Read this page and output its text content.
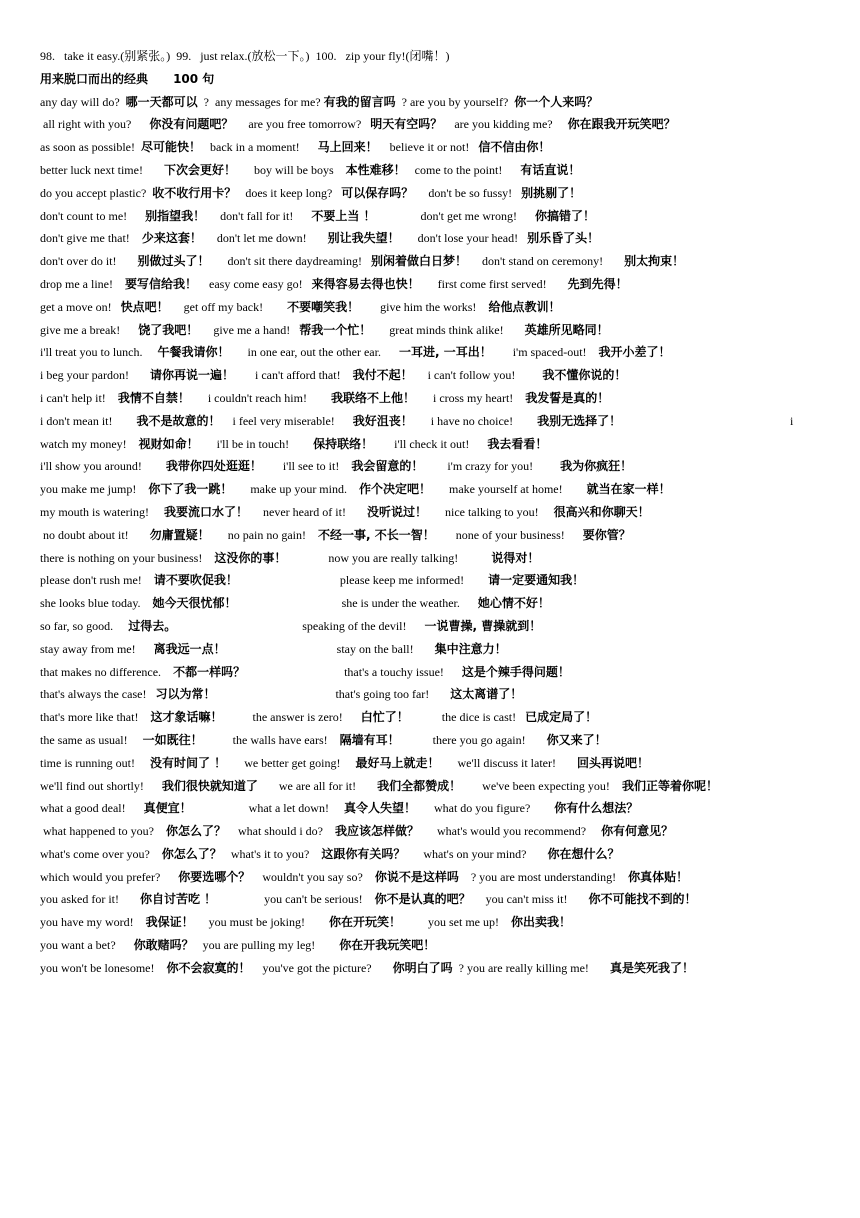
98.   take it easy.(别紧张。)  99.   just relax.(放松一下。)  100.   zip your fly!(闭嘴！)
用来脱口而出的经典      100 句
any day will do?  哪一天都可以  ?  any messages for me? 有我的留言吗  ? are you by yourself?  你一个人来吗？
all right with you?      你没有问题吧？     are you free tomorrow?   明天有空吗？    are you kidding me?     你在跟我开玩笑吧？
as soon as possible!  尽可能快！   back in a moment!      马上回来！    believe it or not!   信不信由你！
better luck next time!       下次会更好！      boy will be boys    本性难移！   come to the point!      有话直说！
do you accept plastic?  收不收行用卡？   does it keep long?   可以保存吗？     don't be so fussy!   别挑剔了！
don't count to me!      别指望我！     don't fall for it!      不要上当 ！               don't get me wrong!      你搞错了！
don't give me that!    少来这套！     don't let me down!       别让我失望！      don't lose your head!   别乐昏了头！
don't over do it!       别做过头了！      don't sit there daydreaming!   别闲着做白日梦！     don't stand on ceremony!       别太拘束！
drop me a line!    要写信给我！    easy come easy go!   来得容易去得也快！      first come first served!       先到先得！
get a move on!   快点吧！     get off my back!        不要嘲笑我！       give him the works!    给他点教训！
give me a break!      饶了我吧！     give me a hand!   帮我一个忙！      great minds think alike!       英雄所见略同！
i'll treat you to lunch.     午餐我请你！      in one ear, out the other ear.      一耳进, 一耳出！       i'm spaced-out!    我开小差了！
i beg your pardon!       请你再说一遍！       i can't afford that!    我付不起！     i can't follow you!         我不懂你说的！
i can't help it!    我情不自禁！      i couldn't reach him!        我联络不上他！      i cross my heart!    我发誓是真的！
i don't mean it!        我不是故意的！    i feel very miserable!      我好沮丧！      i have no choice!        我别无选择了！	i
watch my money!    视财如命！      i'll be in touch!        保持联络！       i'll check it out!      我去看看！
i'll show you around!        我带你四处逛逛！       i'll see to it!    我会留意的！        i'm crazy for you!         我为你疯狂！
you make me jump!    你下了我一跳！      make up your mind.    作个决定吧！      make yourself at home!        就当在家一样！
my mouth is watering!     我要流口水了！     never heard of it!       没听说过！      nice talking to you!     很高兴和你聊天！
no doubt about it!       勿庸置疑！      no pain no gain!    不经一事, 不长一智！       none of your business!      要你管？
there is nothing on your business!    这没你的事！              now you are really talking!           说得对！
please don't rush me!    请不要吹促我！                                  please keep me informed!        请一定要通知我！
she looks blue today.    她今天很忧郁！                                   she is under the weather.      她心情不好！
so far, so good.     过得去。                                          speaking of the devil!      一说曹操, 曹操就到！
stay away from me!      离我远一点！                                     stay on the ball!       集中注意力！
that makes no difference.    不都一样吗？                                 that's a touchy issue!      这是个辣手得问题！
that's always the case!   习以为常！                                        that's going too far!       这太离谱了！
that's more like that!    这才象话嘛！          the answer is zero!      白忙了！           the dice is cast!   已成定局了！
the same as usual!     一如既往！          the walls have ears!    隔墙有耳！           there you go again!       你又来了！
time is running out!     没有时间了 ！      we better get going!     最好马上就走！      we'll discuss it later!       回头再说吧！
we'll find out shortly!      我们很快就知道了       we are all for it!       我们全都赞成！       we've been expecting you!    我们正等着你呢！
what a good deal!      真便宜！                   what a let down!     真令人失望！      what do you figure?        你有什么想法？
what happened to you?    你怎么了？    what should i do?    我应该怎样做？      what's would you recommend?     你有何意见？
what's come over you?    你怎么了？   what's it to you?    这跟你有关吗？      what's on your mind?       你在想什么？
which would you prefer?      你要选哪个？    wouldn't you say so?    你说不是这样吗    ? you are most understanding!    你真体贴！
you asked for it!       你自讨苦吃 ！                you can't be serious!    你不是认真的吧？     you can't miss it!       你不可能找不到的！
you have my word!    我保证！     you must be joking!        你在开玩笑！         you set me up!    你出卖我！
you want a bet?      你敢赌吗？   you are pulling my leg!        你在开我玩笑吧！
you won't be lonesome!    你不会寂寞的！    you've got the picture?       你明白了吗  ? you are really killing me!       真是笑死我了！
